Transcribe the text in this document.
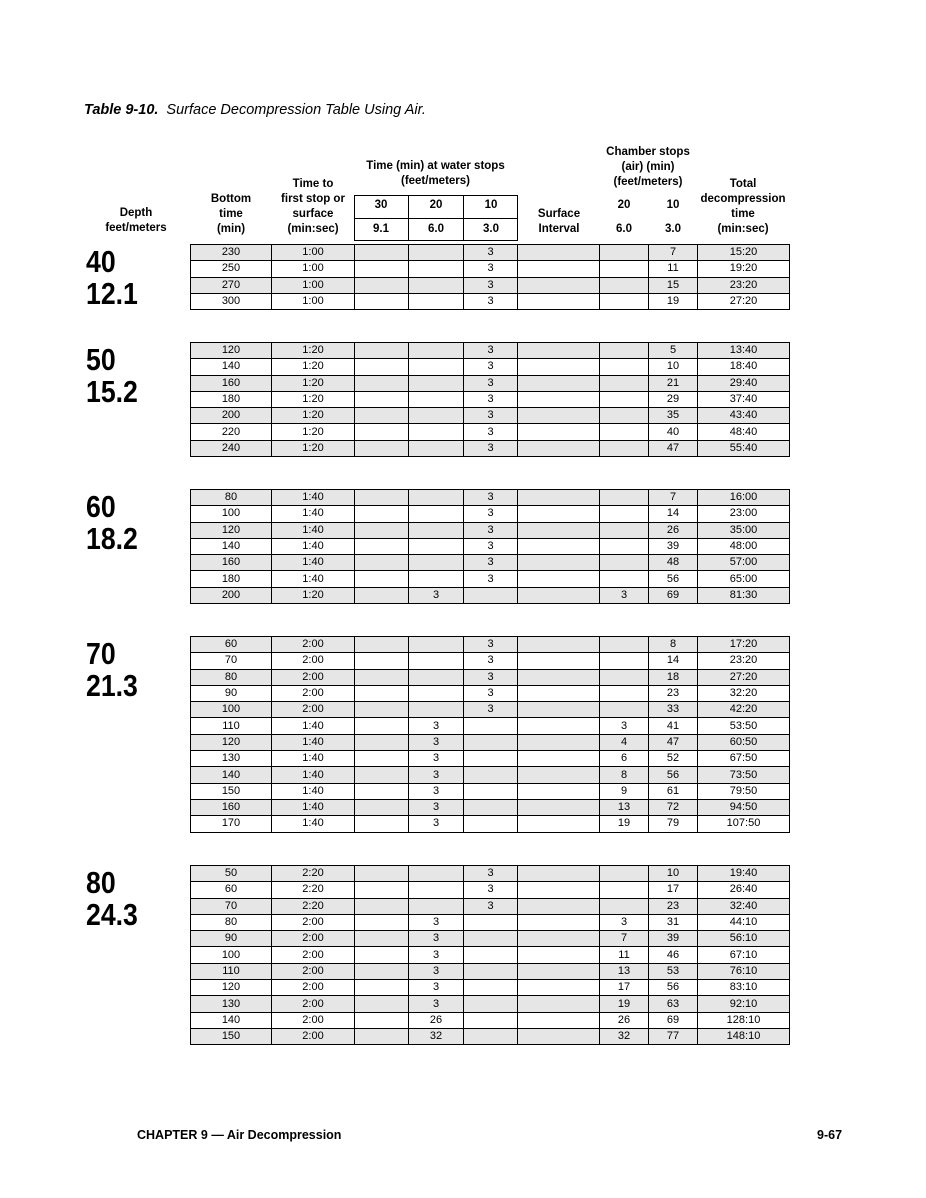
Table 9-10. Surface Decompression Table Using Air.
Depth
feet/meters
Bottom
time
(min)
Time to
first stop or
surface
(min:sec)
Time (min) at water stops
(feet/meters)
30	20	10
9.1	6.0	3.0
Surface
Interval
Chamber stops
(air) (min)
(feet/meters)
20	10
6.0	3.0
Total
decompression
time
(min:sec)
40
12.1
50
15.2
60
18.2
70
21.3
80
24.3
230	1:00			3			7	15:20
250	1:00			3			11	19:20
270	1:00			3			15	23:20
300	1:00			3			19	27:20
120	1:20			3			5	13:40
140	1:20			3			10	18:40
160	1:20			3			21	29:40
180	1:20			3			29	37:40
200	1:20			3			35	43:40
220	1:20			3			40	48:40
240	1:20			3			47	55:40
80	1:40			3			7	16:00
100	1:40			3			14	23:00
120	1:40			3			26	35:00
140	1:40			3			39	48:00
160	1:40			3			48	57:00
180	1:40			3			56	65:00
200	1:20		3			3	69	81:30
60	2:00			3			8	17:20
70	2:00			3			14	23:20
80	2:00			3			18	27:20
90	2:00			3			23	32:20
100	2:00			3			33	42:20
110	1:40		3			3	41	53:50
120	1:40		3			4	47	60:50
130	1:40		3			6	52	67:50
140	1:40		3			8	56	73:50
150	1:40		3			9	61	79:50
160	1:40		3			13	72	94:50
170	1:40		3			19	79	107:50
50	2:20			3			10	19:40
60	2:20			3			17	26:40
70	2:20			3			23	32:40
80	2:00		3			3	31	44:10
90	2:00		3			7	39	56:10
100	2:00		3			11	46	67:10
110	2:00		3			13	53	76:10
120	2:00		3			17	56	83:10
130	2:00		3			19	63	92:10
140	2:00		26			26	69	128:10
150	2:00		32			32	77	148:10
CHAPTER 9 — Air Decompression	9-67
